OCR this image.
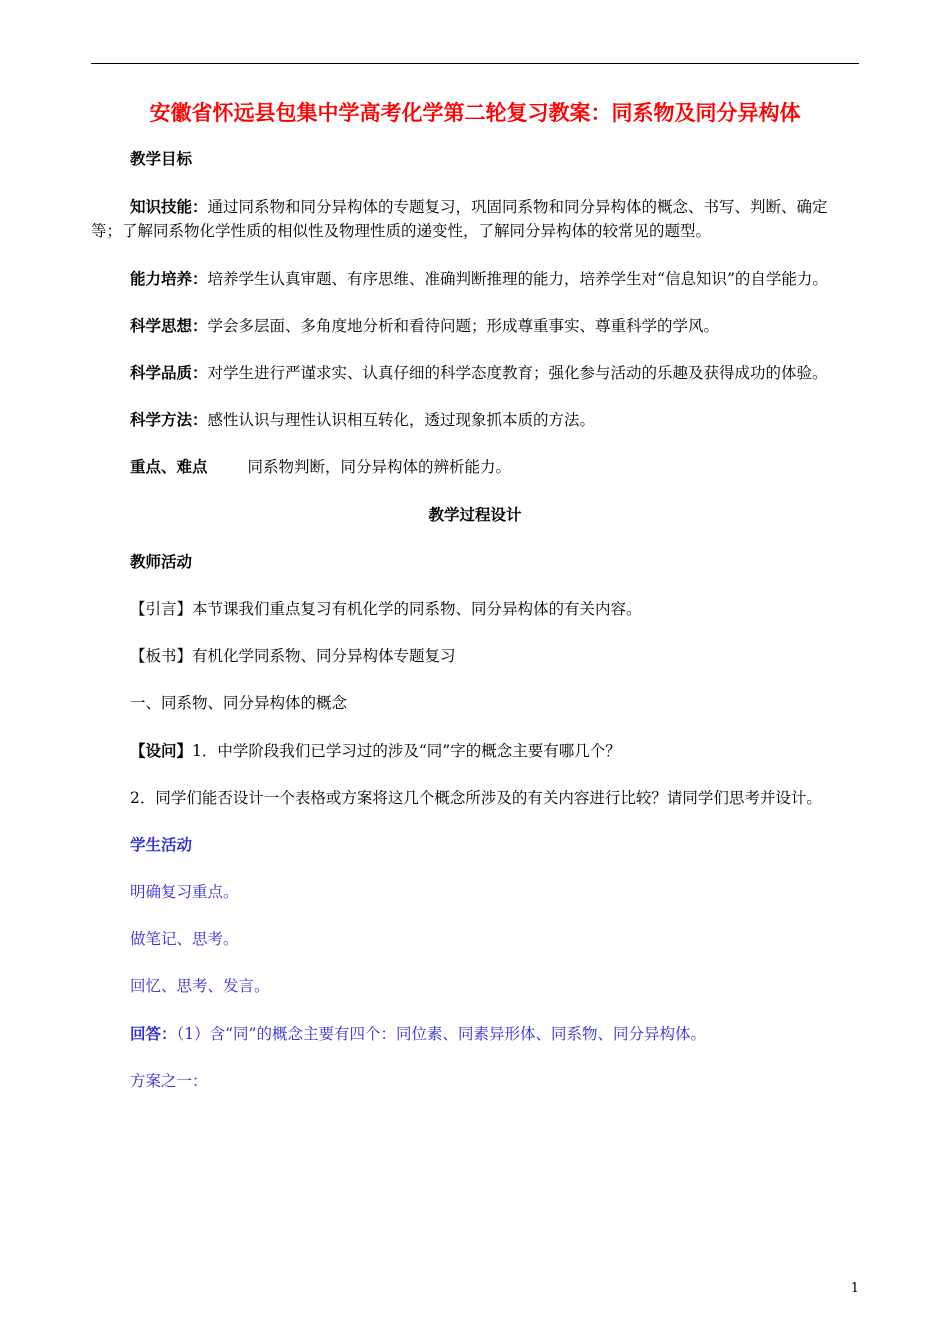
安徽省怀远县包集中学高考化学第二轮复习教案：同系物及同分异构体
教学目标
知识技能：通过同系物和同分异构体的专题复习，巩固同系物和同分异构体的概念、书写、判断、确定
等；了解同系物化学性质的相似性及物理性质的递变性，了解同分异构体的较常见的题型。
能力培养：培养学生认真审题、有序思维、准确判断推理的能力，培养学生对“信息知识”的自学能力。
科学思想：学会多层面、多角度地分析和看待问题；形成尊重事实、尊重科学的学风。
科学品质：对学生进行严谨求实、认真仔细的科学态度教育；强化参与活动的乐趣及获得成功的体验。
科学方法：感性认识与理性认识相互转化，透过现象抓本质的方法。
重点、难点	同系物判断，同分异构体的辨析能力。
教学过程设计
教师活动
【引言】本节课我们重点复习有机化学的同系物、同分异构体的有关内容。
【板书】有机化学同系物、同分异构体专题复习
一、同系物、同分异构体的概念
【设问】1．中学阶段我们已学习过的涉及“同”字的概念主要有哪几个？
2．同学们能否设计一个表格或方案将这几个概念所涉及的有关内容进行比较？请同学们思考并设计。
学生活动
明确复习重点。
做笔记、思考。
回忆、思考、发言。
回答：（1）含“同”的概念主要有四个：同位素、同素异形体、同系物、同分异构体。
方案之一：
1
